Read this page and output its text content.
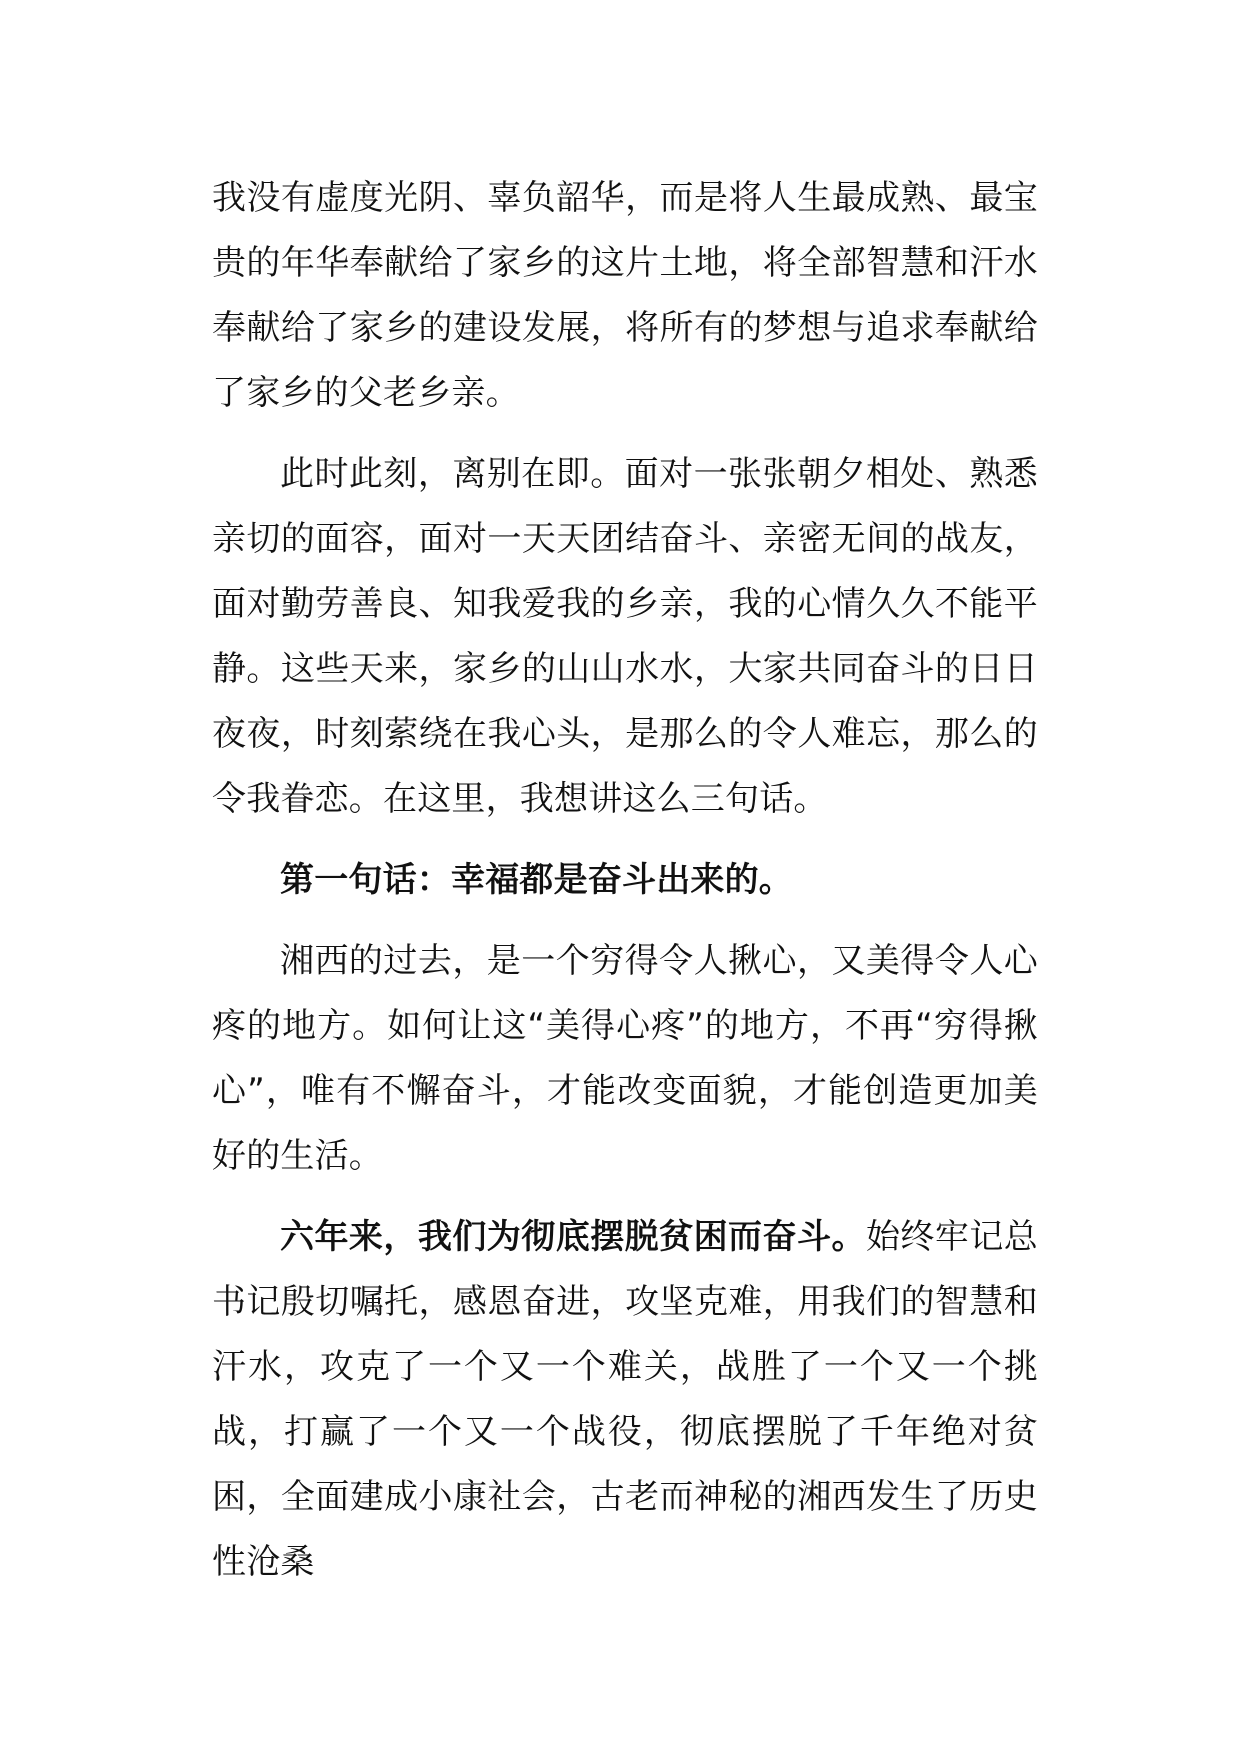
我没有虚度光阴、辜负韶华，而是将人生最成熟、最宝贵的年华奉献给了家乡的这片土地，将全部智慧和汗水奉献给了家乡的建设发展，将所有的梦想与追求奉献给了家乡的父老乡亲。

此时此刻，离别在即。面对一张张朝夕相处、熟悉亲切的面容，面对一天天团结奋斗、亲密无间的战友，面对勤劳善良、知我爱我的乡亲，我的心情久久不能平静。这些天来，家乡的山山水水，大家共同奋斗的日日夜夜，时刻萦绕在我心头，是那么的令人难忘，那么的令我眷恋。在这里，我想讲这么三句话。

第一句话：幸福都是奋斗出来的。

湘西的过去，是一个穷得令人揪心，又美得令人心疼的地方。如何让这“美得心疼”的地方，不再“穷得揪心”，唯有不懈奋斗，才能改变面貌，才能创造更加美好的生活。

六年来，我们为彻底摆脱贫困而奋斗。始终牢记总书记殷切嘱托，感恩奋进，攻坚克难，用我们的智慧和汗水，攻克了一个又一个难关，战胜了一个又一个挑战，打赢了一个又一个战役，彻底摆脱了千年绝对贫困，全面建成小康社会，古老而神秘的湘西发生了历史性沧桑
